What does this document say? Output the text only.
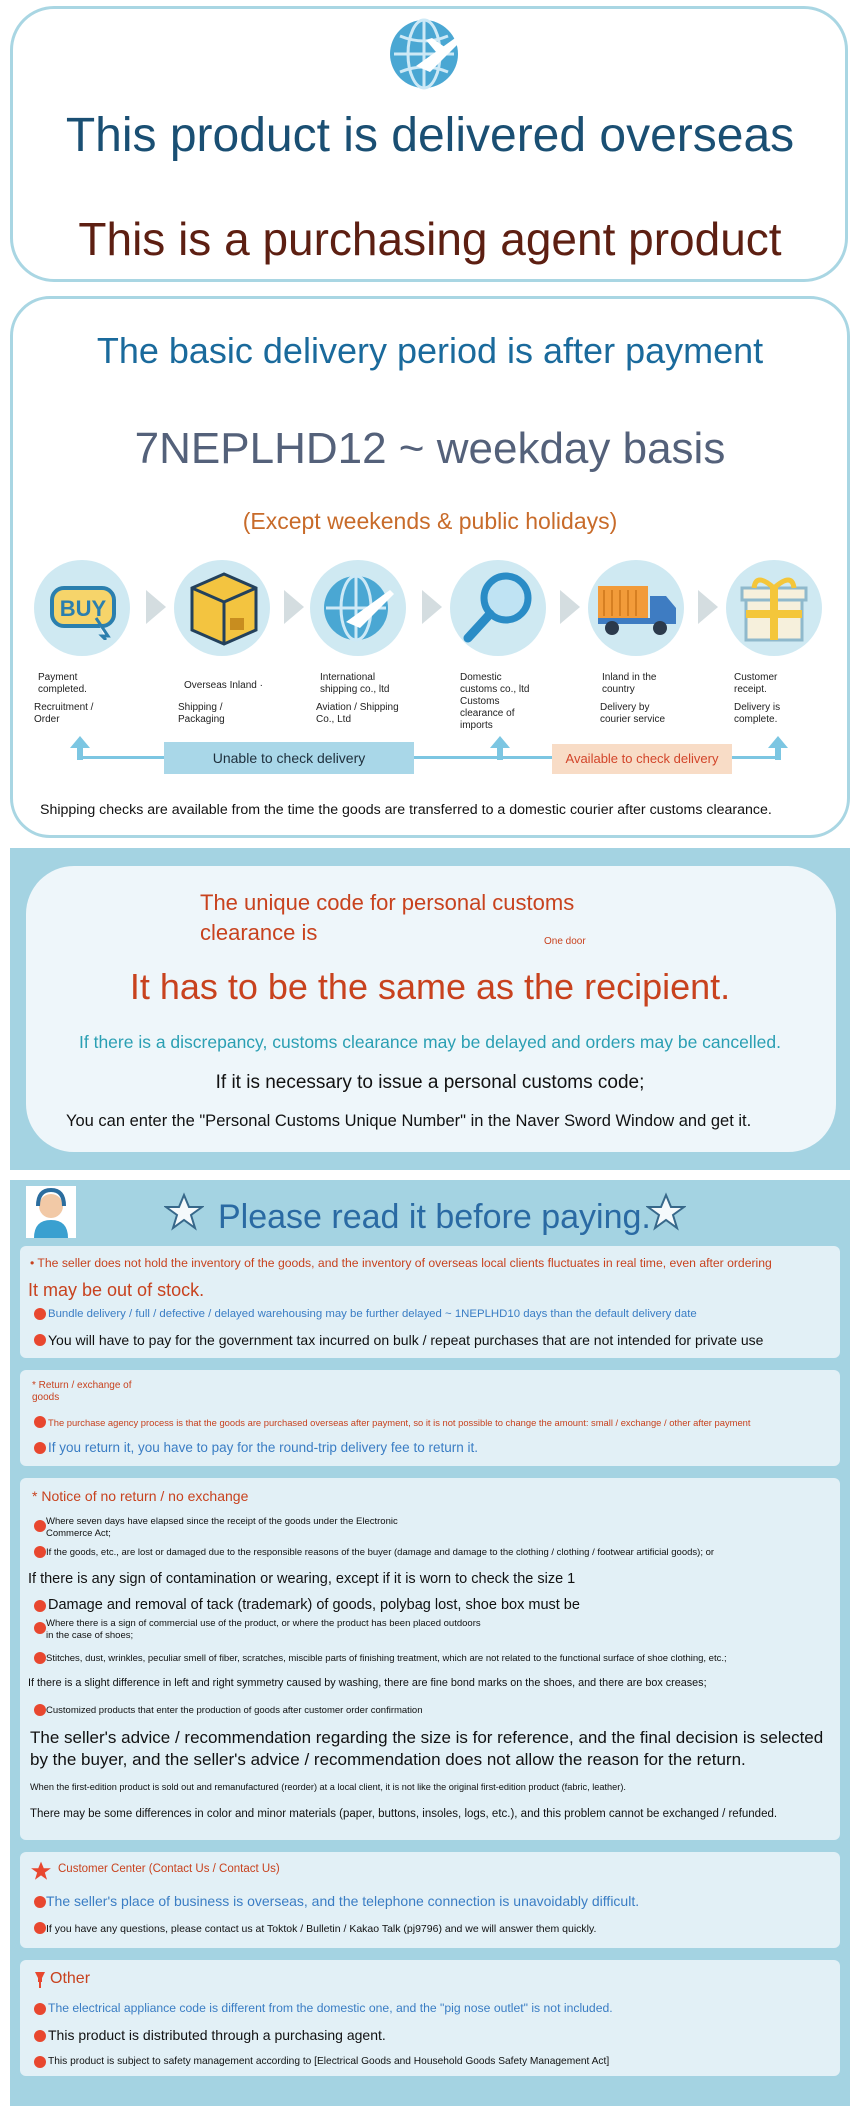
This product is delivered overseas
This is a purchasing agent product
The basic delivery period is after payment
7NEPLHD12 ~ weekday basis
(Except weekends & public holidays)
BUY
Payment completed.
Recruitment / Order
Overseas Inland ·
Shipping / Packaging
International shipping co., ltd
Aviation / Shipping Co., Ltd
Domestic customs co., ltd
Customs clearance of imports
Inland in the country
Delivery by courier service
Customer receipt.
Delivery is complete.
Unable to check delivery	Available to check delivery
Shipping checks are available from the time the goods are transferred to a domestic courier after customs clearance.
The unique code for personal customs
clearance is	One door
It has to be the same as the recipient.
If there is a discrepancy, customs clearance may be delayed and orders may be cancelled.
If it is necessary to issue a personal customs code;
You can enter the "Personal Customs Unique Number" in the Naver Sword Window and get it.
Please read it before paying.
• The seller does not hold the inventory of the goods, and the inventory of overseas local clients fluctuates in real time, even after ordering
It may be out of stock.
Bundle delivery / full / defective / delayed warehousing may be further delayed ~ 1NEPLHD10 days than the default delivery date
You will have to pay for the government tax incurred on bulk / repeat purchases that are not intended for private use
* Return / exchange of
goods
The purchase agency process is that the goods are purchased overseas after payment, so it is not possible to change the amount: small / exchange / other after payment
If you return it, you have to pay for the round-trip delivery fee to return it.
* Notice of no return / no exchange
Where seven days have elapsed since the receipt of the goods under the Electronic
Commerce Act;
If the goods, etc., are lost or damaged due to the responsible reasons of the buyer (damage and damage to the clothing / clothing / footwear artificial goods); or
If there is any sign of contamination or wearing, except if it is worn to check the size 1
Damage and removal of tack (trademark) of goods, polybag lost, shoe box must be
Where there is a sign of commercial use of the product, or where the product has been placed outdoors
in the case of shoes;
Stitches, dust, wrinkles, peculiar smell of fiber, scratches, miscible parts of finishing treatment, which are not related to the functional surface of shoe clothing, etc.;
If there is a slight difference in left and right symmetry caused by washing, there are fine bond marks on the shoes, and there are box creases;
Customized products that enter the production of goods after customer order confirmation
The seller's advice / recommendation regarding the size is for reference, and the final decision is selected
by the buyer, and the seller's advice / recommendation does not allow the reason for the return.
When the first-edition product is sold out and remanufactured (reorder) at a local client, it is not like the original first-edition product (fabric, leather).
There may be some differences in color and minor materials (paper, buttons, insoles, logs, etc.), and this problem cannot be exchanged / refunded.
Customer Center (Contact Us / Contact Us)
The seller's place of business is overseas, and the telephone connection is unavoidably difficult.
If you have any questions, please contact us at Toktok / Bulletin / Kakao Talk (pj9796) and we will answer them quickly.
Other
The electrical appliance code is different from the domestic one, and the "pig nose outlet" is not included.
This product is distributed through a purchasing agent.
This product is subject to safety management according to [Electrical Goods and Household Goods Safety Management Act]
